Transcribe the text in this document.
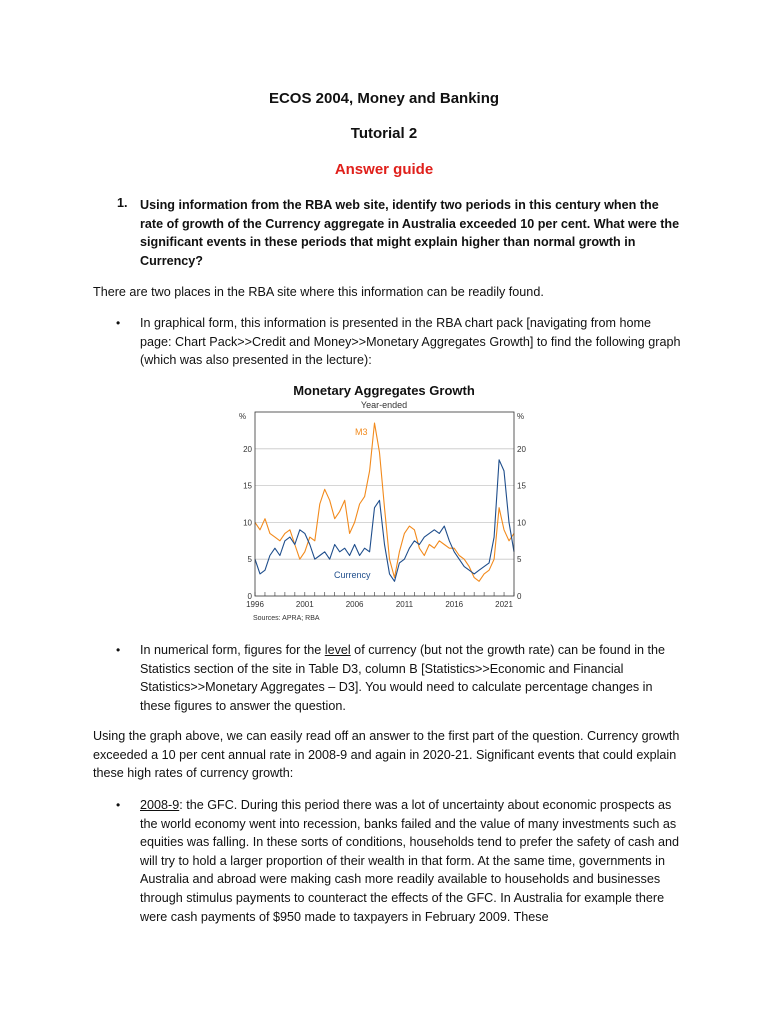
ECOS 2004, Money and Banking
Tutorial 2
Answer guide
1. Using information from the RBA web site, identify two periods in this century when the rate of growth of the Currency aggregate in Australia exceeded 10 per cent. What were the significant events in these periods that might explain higher than normal growth in Currency?
There are two places in the RBA site where this information can be readily found.
• In graphical form, this information is presented in the RBA chart pack [navigating from home page: Chart Pack>>Credit and Money>>Monetary Aggregates Growth] to find the following graph (which was also presented in the lecture):
Monetary Aggregates Growth
Year-ended
%	%
0	0
5	5
10	10
15	15
20	20
1996	2001	2006	2011	2016	2021
M3
Currency
Sources: APRA; RBA
• In numerical form, figures for the level of currency (but not the growth rate) can be found in the Statistics section of the site in Table D3, column B [Statistics>>Economic and Financial Statistics>>Monetary Aggregates – D3]. You would need to calculate percentage changes in these figures to answer the question.
Using the graph above, we can easily read off an answer to the first part of the question. Currency growth exceeded a 10 per cent annual rate in 2008-9 and again in 2020-21. Significant events that could explain these high rates of currency growth:
• 2008-9: the GFC. During this period there was a lot of uncertainty about economic prospects as the world economy went into recession, banks failed and the value of many investments such as equities was falling. In these sorts of conditions, households tend to prefer the safety of cash and will try to hold a larger proportion of their wealth in that form. At the same time, governments in Australia and abroad were making cash more readily available to households and businesses through stimulus payments to counteract the effects of the GFC. In Australia for example there were cash payments of $950 made to taxpayers in February 2009. These
